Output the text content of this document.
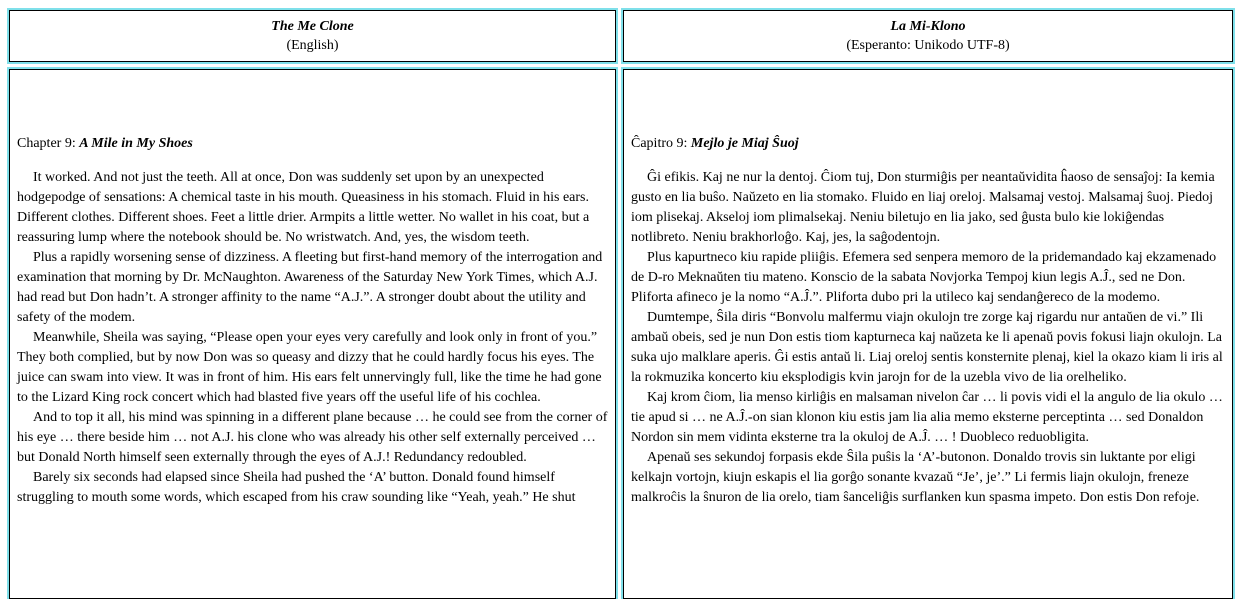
The Me Clone
(English)
La Mi-Klono
(Esperanto: Unikodo UTF-8)

Chapter 9: A Mile in My Shoes

It worked. And not just the teeth. All at once, Don was suddenly set upon by an unexpected hodgepodge of sensations: A chemical taste in his mouth. Queasiness in his stomach. Fluid in his ears. Different clothes. Different shoes. Feet a little drier. Armpits a little wetter. No wallet in his coat, but a reassuring lump where the notebook should be. No wristwatch. And, yes, the wisdom teeth.

Plus a rapidly worsening sense of dizziness. A fleeting but first-hand memory of the interrogation and examination that morning by Dr. McNaughton. Awareness of the Saturday New York Times, which A.J. had read but Don hadn’t. A stronger affinity to the name “A.J.”. A stronger doubt about the utility and safety of the modem.

Meanwhile, Sheila was saying, “Please open your eyes very carefully and look only in front of you.” They both complied, but by now Don was so queasy and dizzy that he could hardly focus his eyes. The juice can swam into view. It was in front of him. His ears felt unnervingly full, like the time he had gone to the Lizard King rock concert which had blasted five years off the useful life of his cochlea.

And to top it all, his mind was spinning in a different plane because … he could see from the corner of his eye … there beside him … not A.J. his clone who was already his other self externally perceived … but Donald North himself seen externally through the eyes of A.J.! Redundancy redoubled.

Barely six seconds had elapsed since Sheila had pushed the ‘A’ button. Donald found himself struggling to mouth some words, which escaped from his craw sounding like “Yeah, yeah.” He shut

Ĉapitro 9: Mejlo je Miaj Ŝuoj

Ĝi efikis. Kaj ne nur la dentoj. Ĉiom tuj, Don sturmiĝis per neantaŭvidita ĥaoso de sensaĵoj: Ia kemia gusto en lia buŝo. Naŭzeto en lia stomako. Fluido en liaj oreloj. Malsamaj vestoj. Malsamaj ŝuoj. Piedoj iom plisekaj. Akseloj iom plimalsekaj. Neniu biletujo en lia jako, sed ĝusta bulo kie lokiĝendas notlibreto. Neniu brakhorloĝo. Kaj, jes, la saĝodentojn.

Plus kapurtneco kiu rapide pliiĝis. Efemera sed senpera memoro de la pridemandado kaj ekzamenado de D-ro Meknaŭten tiu mateno. Konscio de la sabata Novjorka Tempoj kiun legis A.Ĵ., sed ne Don. Pliforta afineco je la nomo “A.Ĵ.”. Pliforta dubo pri la utileco kaj sendanĝereco de la modemo.

Dumtempe, Ŝila diris “Bonvolu malfermu viajn okulojn tre zorge kaj rigardu nur antaŭen de vi.” Ili ambaŭ obeis, sed je nun Don estis tiom kapturneca kaj naŭzeta ke li apenaŭ povis fokusi liajn okulojn. La suka ujo malklare aperis. Ĝi estis antaŭ li. Liaj oreloj sentis konsternite plenaj, kiel la okazo kiam li iris al la rokmuzika koncerto kiu eksplodigis kvin jarojn for de la uzebla vivo de lia orelheliko.

Kaj krom ĉiom, lia menso kirliĝis en malsaman nivelon ĉar … li povis vidi el la angulo de lia okulo … tie apud si … ne A.Ĵ.-on sian klonon kiu estis jam lia alia memo eksterne perceptinta … sed Donaldon Nordon sin mem vidinta eksterne tra la okuloj de A.Ĵ. … ! Duobleco reduobligita.

Apenaŭ ses sekundoj forpasis ekde Ŝila puŝis la ‘A’-butonon. Donaldo trovis sin luktante por eligi kelkajn vortojn, kiujn eskapis el lia gorĝo sonante kvazaŭ “Je’, je’.” Li fermis liajn okulojn, freneze malkroĉis la ŝnuron de lia orelo, tiam ŝanceliĝis surflanken kun spasma impeto. Don estis Don refoje.
